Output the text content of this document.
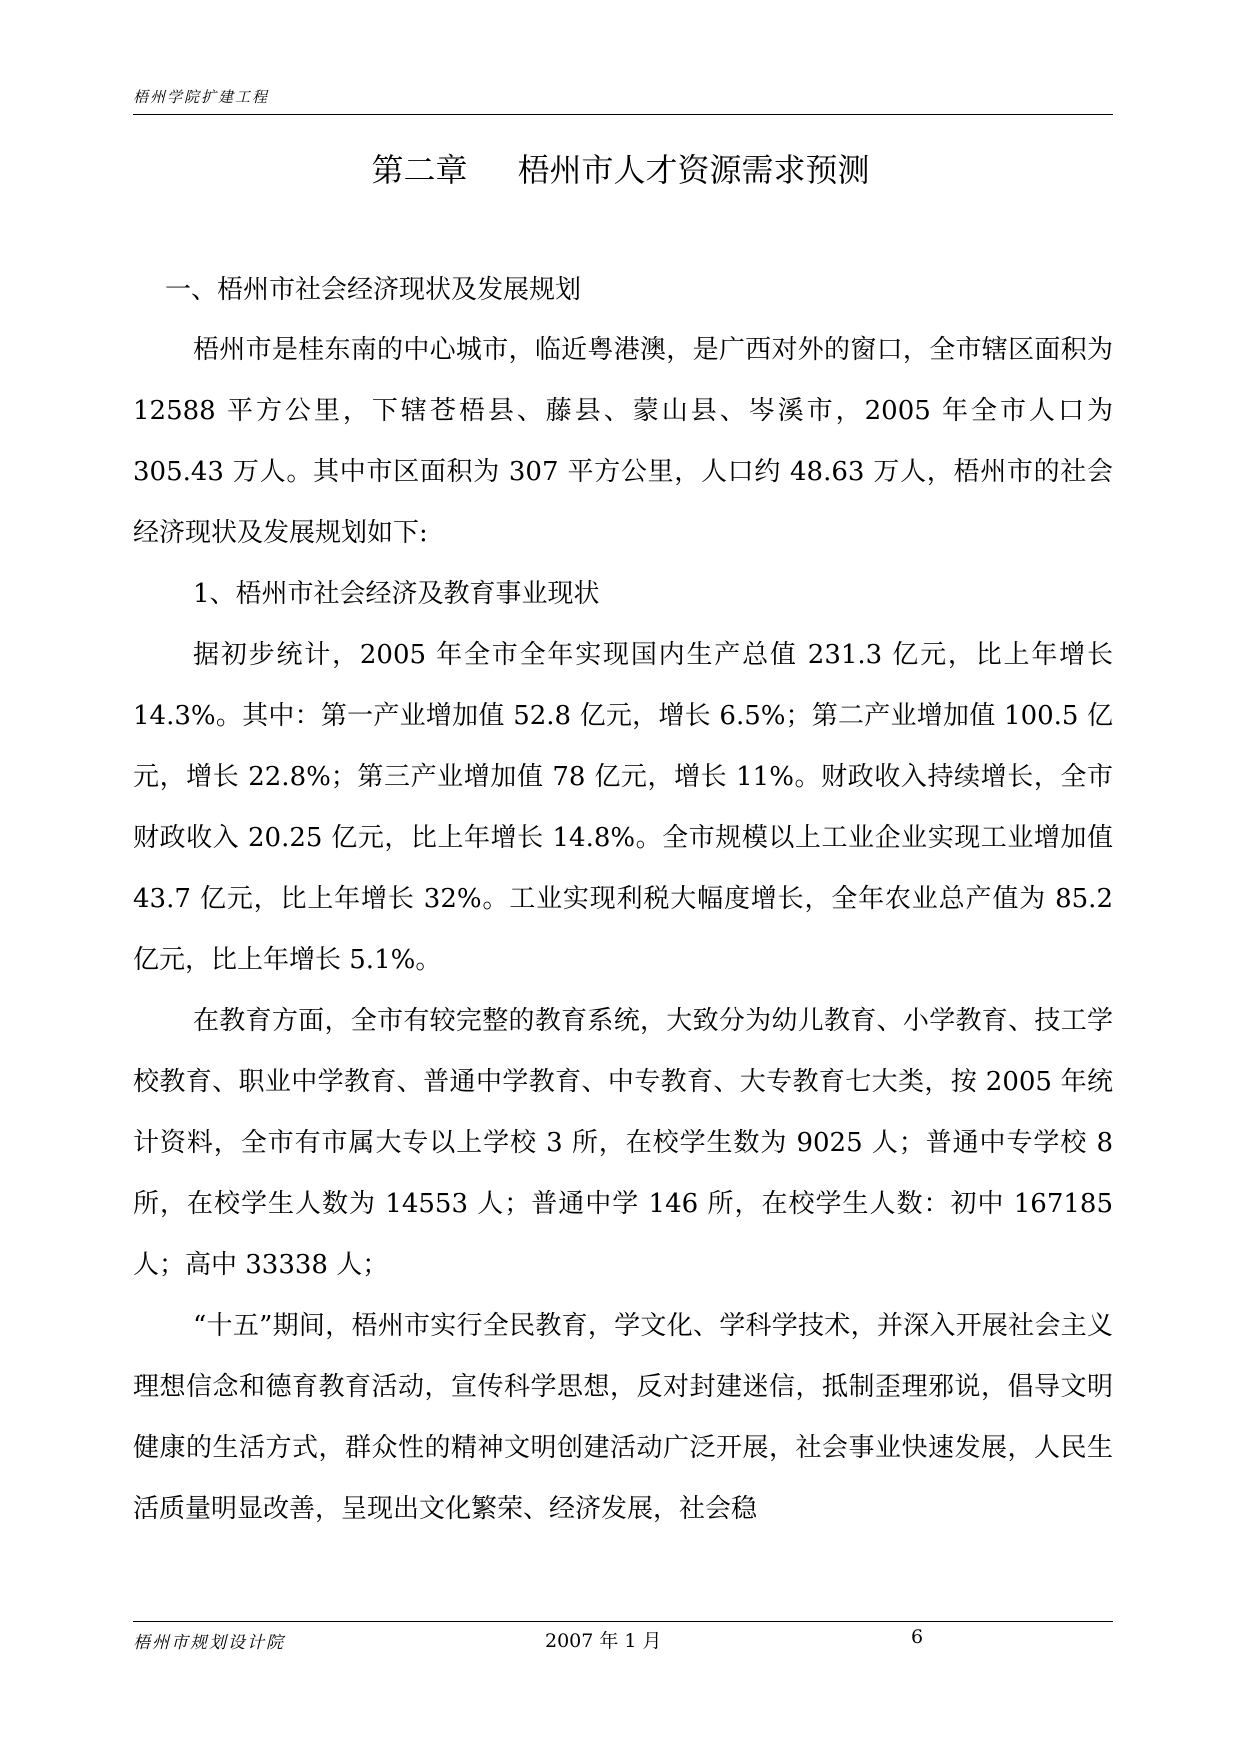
梧州学院扩建工程
第二章 梧州市人才资源需求预测
一、梧州市社会经济现状及发展规划

梧州市是桂东南的中心城市，临近粤港澳，是广西对外的窗口，全市辖区面积为 12588 平方公里，下辖苍梧县、藤县、蒙山县、岑溪市，2005 年全市人口为 305.43 万人。其中市区面积为 307 平方公里，人口约 48.63 万人，梧州市的社会经济现状及发展规划如下:

1、梧州市社会经济及教育事业现状

据初步统计，2005 年全市全年实现国内生产总值 231.3 亿元，比上年增长 14.3%。其中：第一产业增加值 52.8 亿元，增长 6.5%；第二产业增加值 100.5 亿元，增长 22.8%；第三产业增加值 78 亿元，增长 11%。财政收入持续增长，全市财政收入 20.25 亿元，比上年增长 14.8%。全市规模以上工业企业实现工业增加值 43.7 亿元，比上年增长 32%。工业实现利税大幅度增长，全年农业总产值为 85.2 亿元，比上年增长 5.1%。

在教育方面，全市有较完整的教育系统，大致分为幼儿教育、小学教育、技工学校教育、职业中学教育、普通中学教育、中专教育、大专教育七大类，按 2005 年统计资料，全市有市属大专以上学校 3 所，在校学生数为 9025 人；普通中专学校 8 所，在校学生人数为 14553 人；普通中学 146 所，在校学生人数：初中 167185 人；高中 33338 人；

“十五”期间，梧州市实行全民教育，学文化、学科学技术，并深入开展社会主义理想信念和德育教育活动，宣传科学思想，反对封建迷信，抵制歪理邪说，倡导文明健康的生活方式，群众性的精神文明创建活动广泛开展，社会事业快速发展，人民生活质量明显改善，呈现出文化繁荣、经济发展，社会稳

梧州市规划设计院	2007 年 1 月	6
